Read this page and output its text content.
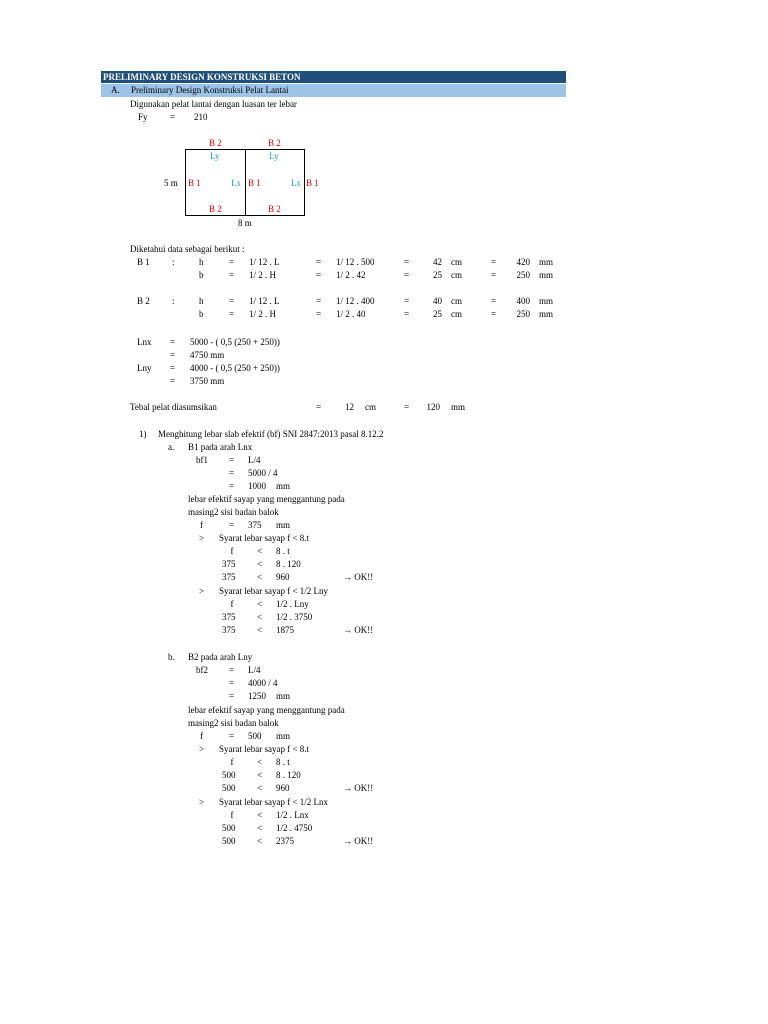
PRELIMINARY DESIGN KONSTRUKSI BETON
A. Preliminary Design Konstruksi Pelat Lantai
Digunakan pelat lantai dengan luasan ter lebar
Fy = 210
B 2	B 2
Ly	Ly
5 m B 1	Lx B 1	Lx B 1
B 2	B 2
8 m
Diketahui data sebagai berikut :
B 1 :	h	= 1/ 12 . L	= 1/ 12 . 500	=	42 cm	=	420 mm
b	= 1/ 2 . H	= 1/ 2 . 42	=	25 cm	=	250 mm
B 2 :	h	= 1/ 12 . L	= 1/ 12 . 400	=	40 cm	=	400 mm
b	= 1/ 2 . H	= 1/ 2 . 40	=	25 cm	=	250 mm
Lnx = 5000 - ( 0,5 (250 + 250))
= 4750 mm
Lny = 4000 - ( 0,5 (250 + 250))
= 3750 mm
Tebal pelat diasumsikan	=	12 cm	=	120 mm
1) Menghitung lebar slab efektif (bf) SNI 2847:2013 pasal 8.12.2
a. B1 pada arah Lnx
bf1 = L/4
= 5000 / 4
= 1000 mm
lebar efektif sayap yang menggantung pada
masing2 sisi badan balok
f	= 375 mm
> Syarat lebar sayap f < 8.t
f	< 8 . t
375 < 8 . 120
375 < 960	→ OK!!
> Syarat lebar sayap f < 1/2 Lny
f	< 1/2 . Lny
375 < 1/2 . 3750
375 < 1875	→ OK!!
b. B2 pada arah Lny
bf2 = L/4
= 4000 / 4
= 1250 mm
lebar efektif sayap yang menggantung pada
masing2 sisi badan balok
f	= 500 mm
> Syarat lebar sayap f < 8.t
f	< 8 . t
500 < 8 . 120
500 < 960	→ OK!!
> Syarat lebar sayap f < 1/2 Lnx
f	< 1/2 . Lnx
500 < 1/2 . 4750
500 < 2375	→ OK!!
